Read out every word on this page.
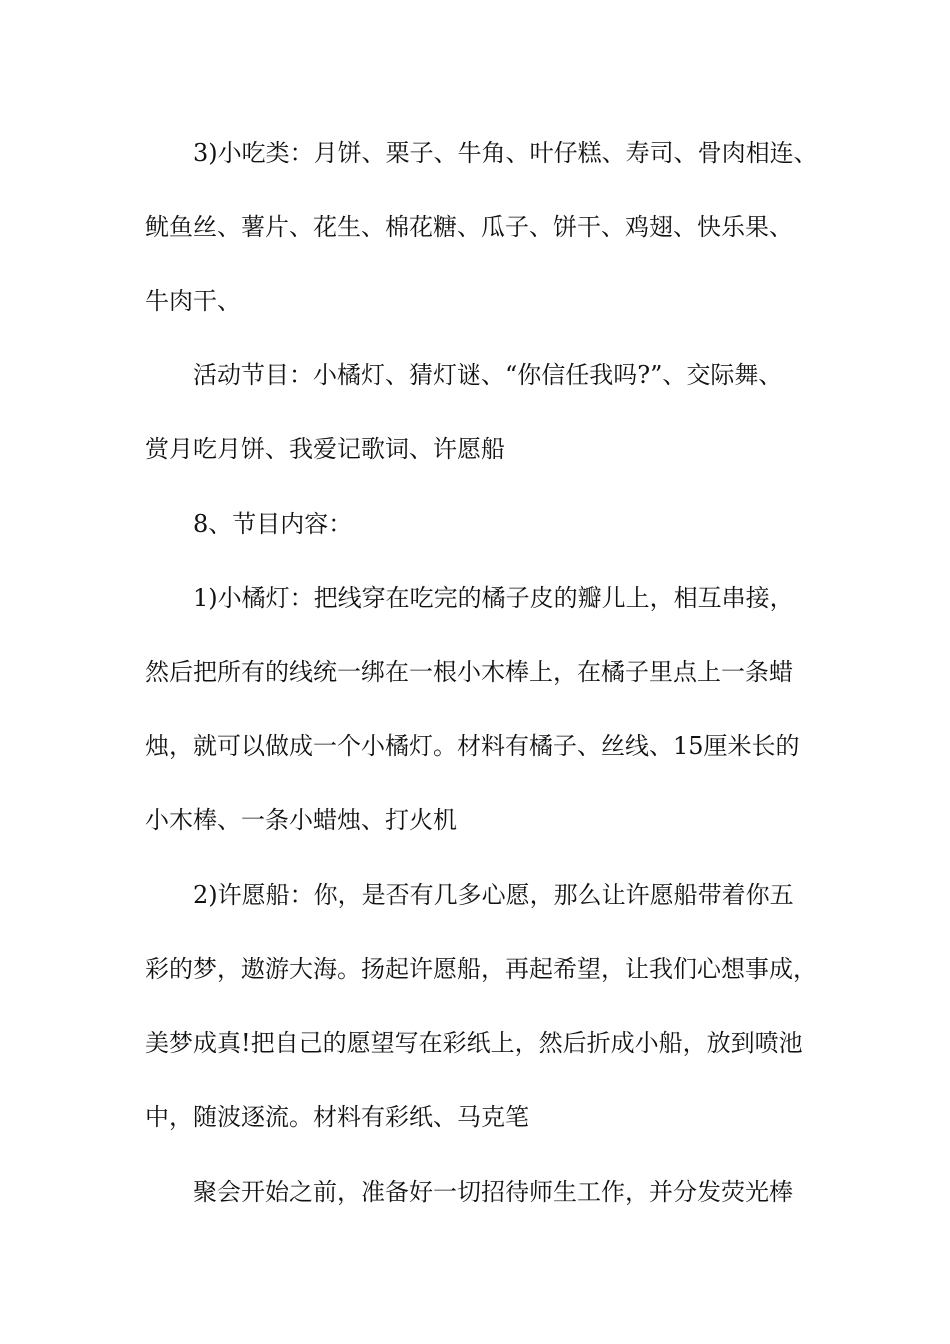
3)小吃类：月饼、栗子、牛角、叶仔糕、寿司、骨肉相连、

鱿鱼丝、薯片、花生、棉花糖、瓜子、饼干、鸡翅、快乐果、

牛肉干、

活动节目：小橘灯、猜灯谜、“你信任我吗?”、交际舞、

赏月吃月饼、我爱记歌词、许愿船

8、节目内容：

1)小橘灯：把线穿在吃完的橘子皮的瓣儿上，相互串接，

然后把所有的线统一绑在一根小木棒上，在橘子里点上一条蜡

烛，就可以做成一个小橘灯。材料有橘子、丝线、15厘米长的

小木棒、一条小蜡烛、打火机

2)许愿船：你，是否有几多心愿，那么让许愿船带着你五

彩的梦，遨游大海。扬起许愿船，再起希望，让我们心想事成，

美梦成真!把自己的愿望写在彩纸上，然后折成小船，放到喷池

中，随波逐流。材料有彩纸、马克笔

聚会开始之前，准备好一切招待师生工作，并分发荧光棒
